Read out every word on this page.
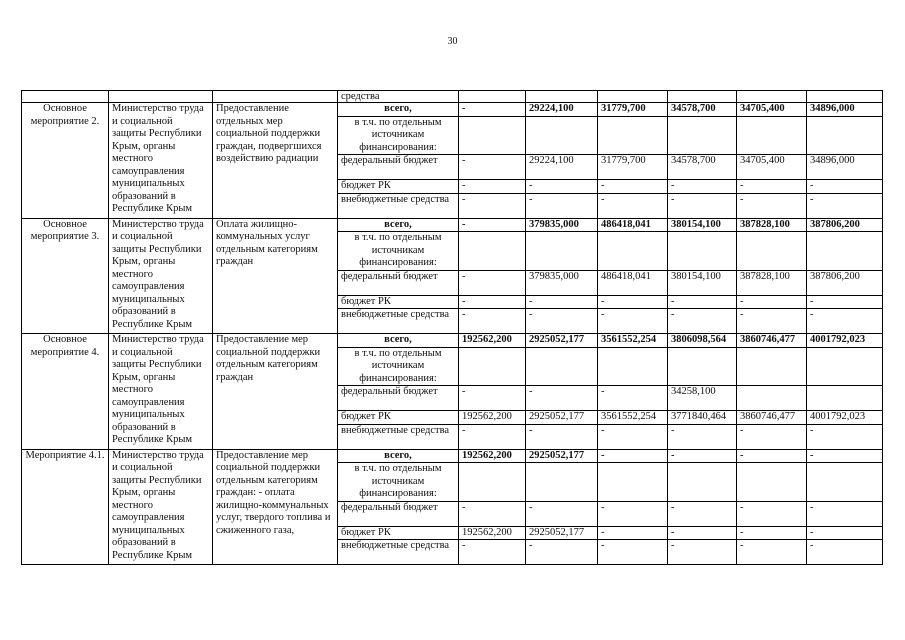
30
			средства						
Основное мероприятие 2.	Министерство труда и социальной защиты Республики Крым, органы местного самоуправления муниципальных образований в Республике Крым	Предоставление отдельных мер социальной поддержки граждан, подвергшихся воздействию радиации	всего,	-	29224,100	31779,700	34578,700	34705,400	34896,000
			в т.ч. по отдельным источникам финансирования:						
			федеральный бюджет	-	29224,100	31779,700	34578,700	34705,400	34896,000
			бюджет РК	-	-	-	-	-	-
			внебюджетные средства	-	-	-	-	-	-
Основное мероприятие 3.	Министерство труда и социальной защиты Республики Крым, органы местного самоуправления муниципальных образований в Республике Крым	Оплата жилищно-коммунальных услуг отдельным категориям граждан	всего,	-	379835,000	486418,041	380154,100	387828,100	387806,200
			в т.ч. по отдельным источникам финансирования:						
			федеральный бюджет	-	379835,000	486418,041	380154,100	387828,100	387806,200
			бюджет РК	-	-	-	-	-	-
			внебюджетные средства	-	-	-	-	-	-
Основное мероприятие 4.	Министерство труда и социальной защиты Республики Крым, органы местного самоуправления муниципальных образований в Республике Крым	Предоставление мер социальной поддержки отдельным категориям граждан	всего,	192562,200	2925052,177	3561552,254	3806098,564	3860746,477	4001792,023
			в т.ч. по отдельным источникам финансирования:						
			федеральный бюджет	-	-	-	34258,100		
			бюджет РК	192562,200	2925052,177	3561552,254	3771840,464	3860746,477	4001792,023
			внебюджетные средства	-	-	-	-	-	-
Мероприятие 4.1.	Министерство труда и социальной защиты Республики Крым, органы местного самоуправления муниципальных образований в Республике Крым	Предоставление мер социальной поддержки отдельным категориям граждан: - оплата жилищно-коммунальных услуг, твердого топлива и сжиженного газа,	всего,	192562,200	2925052,177	-	-	-	-
			в т.ч. по отдельным источникам финансирования:						
			федеральный бюджет	-	-	-	-	-	-
			бюджет РК	192562,200	2925052,177	-	-	-	-
			внебюджетные средства	-	-	-	-	-	-
